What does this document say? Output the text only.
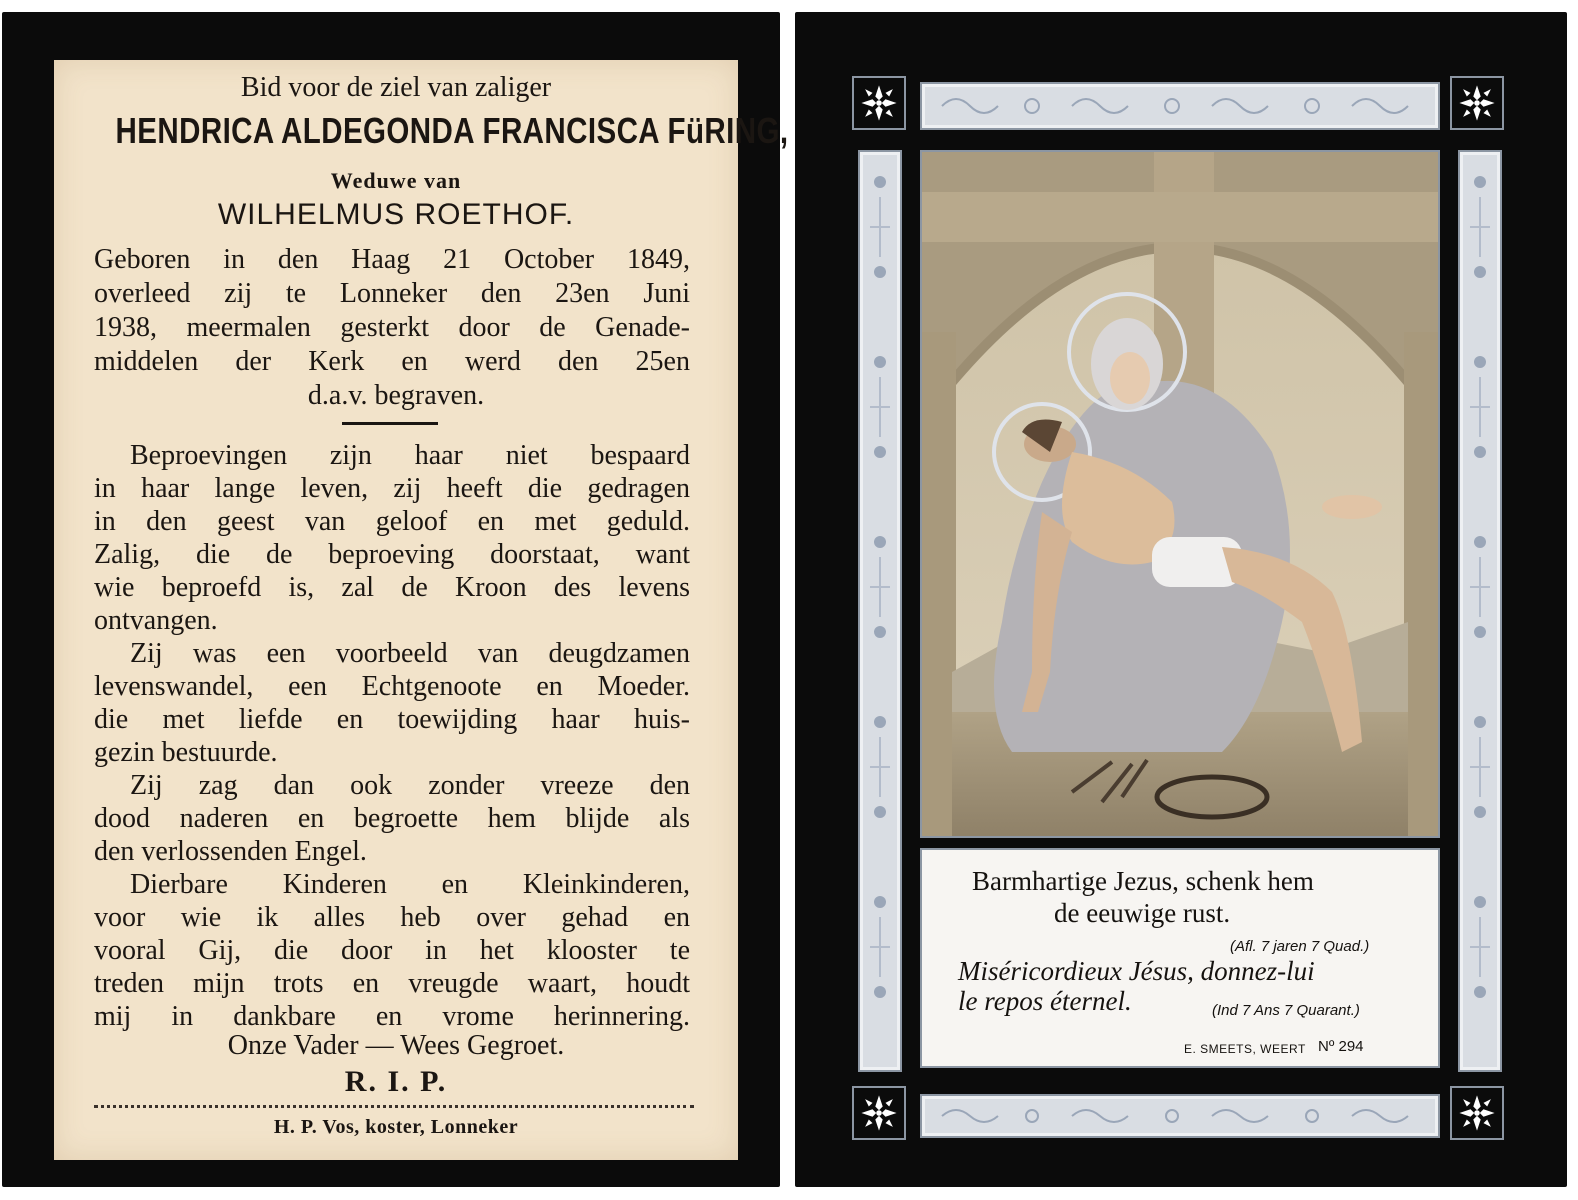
Bid voor de ziel van zaliger
HENDRICA ALDEGONDA FRANCISCA FüRING,
Weduwe van
WILHELMUS ROETHOF.
Geboren in den Haag 21 October 1849,
overleed zij te Lonneker den 23en Juni
1938, meermalen gesterkt door de Genade-
middelen der Kerk en werd den 25en
d.a.v. begraven.
Beproevingen zijn haar niet bespaard
in haar lange leven, zij heeft die gedragen
in den geest van geloof en met geduld.
Zalig, die de beproeving doorstaat, want
wie beproefd is, zal de Kroon des levens
ontvangen.
Zij was een voorbeeld van deugdzamen
levenswandel, een Echtgenoote en Moeder.
die met liefde en toewijding haar huis-
gezin bestuurde.
Zij zag dan ook zonder vreeze den
dood naderen en begroette hem blijde als
den verlossenden Engel.
Dierbare Kinderen en Kleinkinderen,
voor wie ik alles heb over gehad en
vooral Gij, die door in het klooster te
treden mijn trots en vreugde waart, houdt
mij in dankbare en vrome herinnering.
Onze Vader — Wees Gegroet.
R. I. P.
H. P. Vos, koster, Lonneker
Barmhartige Jezus, schenk hem
de eeuwige rust.
(Afl. 7 jaren 7 Quad.)
Miséricordieux Jésus, donnez-lui
le repos éternel.	(Ind 7 Ans 7 Quarant.)
E. SMEETS, WEERT Nº 294
